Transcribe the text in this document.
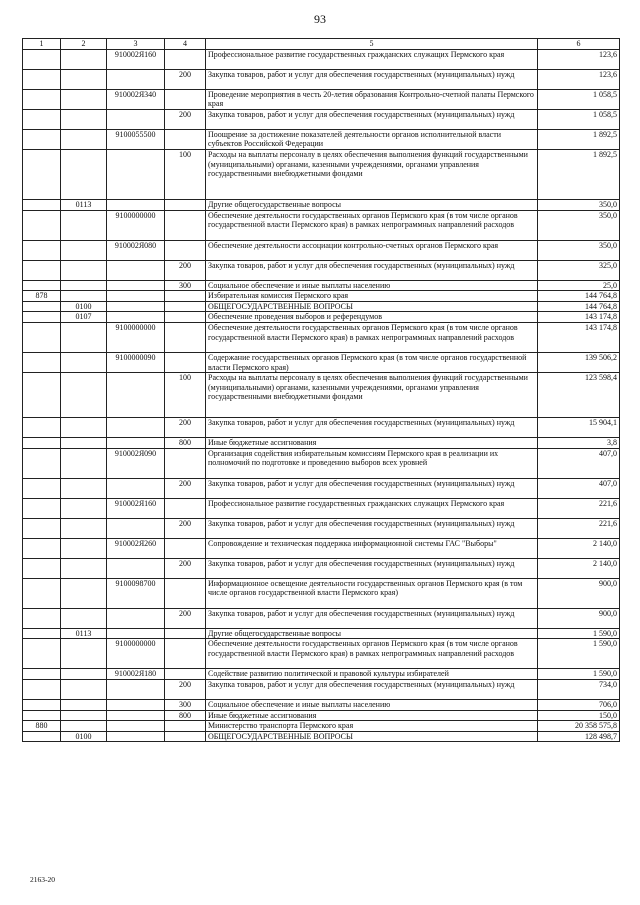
93
1	2	3	4	5	6
		910002Я160		Профессиональное развитие государственных гражданских служащих Пермского края	123,6
			200	Закупка товаров, работ и услуг для обеспечения государственных (муниципальных) нужд	123,6
		910002Я340		Проведение мероприятия в честь 20-летия образования Контрольно-счетной палаты Пермского края	1 058,5
			200	Закупка товаров, работ и услуг для обеспечения государственных (муниципальных) нужд	1 058,5
		9100055500		Поощрение за достижение показателей деятельности органов исполнительной власти субъектов Российской Федерации	1 892,5
			100	Расходы на выплаты персоналу в целях обеспечения выполнения функций государственными (муниципальными) органами, казенными учреждениями, органами управления государственными внебюджетными фондами	1 892,5
	0113			Другие общегосударственные вопросы	350,0
		9100000000		Обеспечение деятельности государственных органов Пермского края (в том числе органов государственной власти Пермского края) в рамках непрограммных направлений расходов	350,0
		910002Я080		Обеспечение деятельности ассоциации контрольно-счетных органов Пермского края	350,0
			200	Закупка товаров, работ и услуг для обеспечения государственных (муниципальных) нужд	325,0
			300	Социальное обеспечение и иные выплаты населению	25,0
878				Избирательная комиссия Пермского края	144 764,8
	0100			ОБЩЕГОСУДАРСТВЕННЫЕ ВОПРОСЫ	144 764,8
	0107			Обеспечение проведения выборов и референдумов	143 174,8
		9100000000		Обеспечение деятельности государственных органов Пермского края (в том числе органов государственной власти Пермского края) в рамках непрограммных направлений расходов	143 174,8
		9100000090		Содержание государственных органов Пермского края (в том числе органов государственной власти Пермского края)	139 506,2
			100	Расходы на выплаты персоналу в целях обеспечения выполнения функций государственными (муниципальными) органами, казенными учреждениями, органами управления государственными внебюджетными фондами	123 598,4
			200	Закупка товаров, работ и услуг для обеспечения государственных (муниципальных) нужд	15 904,1
			800	Иные бюджетные ассигнования	3,8
		910002Я090		Организация содействия избирательным комиссиям Пермского края в реализации их полномочий по подготовке и проведению выборов всех уровней	407,0
			200	Закупка товаров, работ и услуг для обеспечения государственных (муниципальных) нужд	407,0
		910002Я160		Профессиональное развитие государственных гражданских служащих Пермского края	221,6
			200	Закупка товаров, работ и услуг для обеспечения государственных (муниципальных) нужд	221,6
		910002Я260		Сопровождение и техническая поддержка информационной системы ГАС "Выборы"	2 140,0
			200	Закупка товаров, работ и услуг для обеспечения государственных (муниципальных) нужд	2 140,0
		9100098700		Информационное освещение деятельности государственных органов Пермского края (в том числе органов государственной власти Пермского края)	900,0
			200	Закупка товаров, работ и услуг для обеспечения государственных (муниципальных) нужд	900,0
	0113			Другие общегосударственные вопросы	1 590,0
		9100000000		Обеспечение деятельности государственных органов Пермского края (в том числе органов государственной власти Пермского края) в рамках непрограммных направлений расходов	1 590,0
		910002Я180		Содействие развитию политической и правовой культуры избирателей	1 590,0
			200	Закупка товаров, работ и услуг для обеспечения государственных (муниципальных) нужд	734,0
			300	Социальное обеспечение и иные выплаты населению	706,0
			800	Иные бюджетные ассигнования	150,0
880				Министерство транспорта Пермского края	20 358 575,8
	0100			ОБЩЕГОСУДАРСТВЕННЫЕ ВОПРОСЫ	128 498,7
2163-20
